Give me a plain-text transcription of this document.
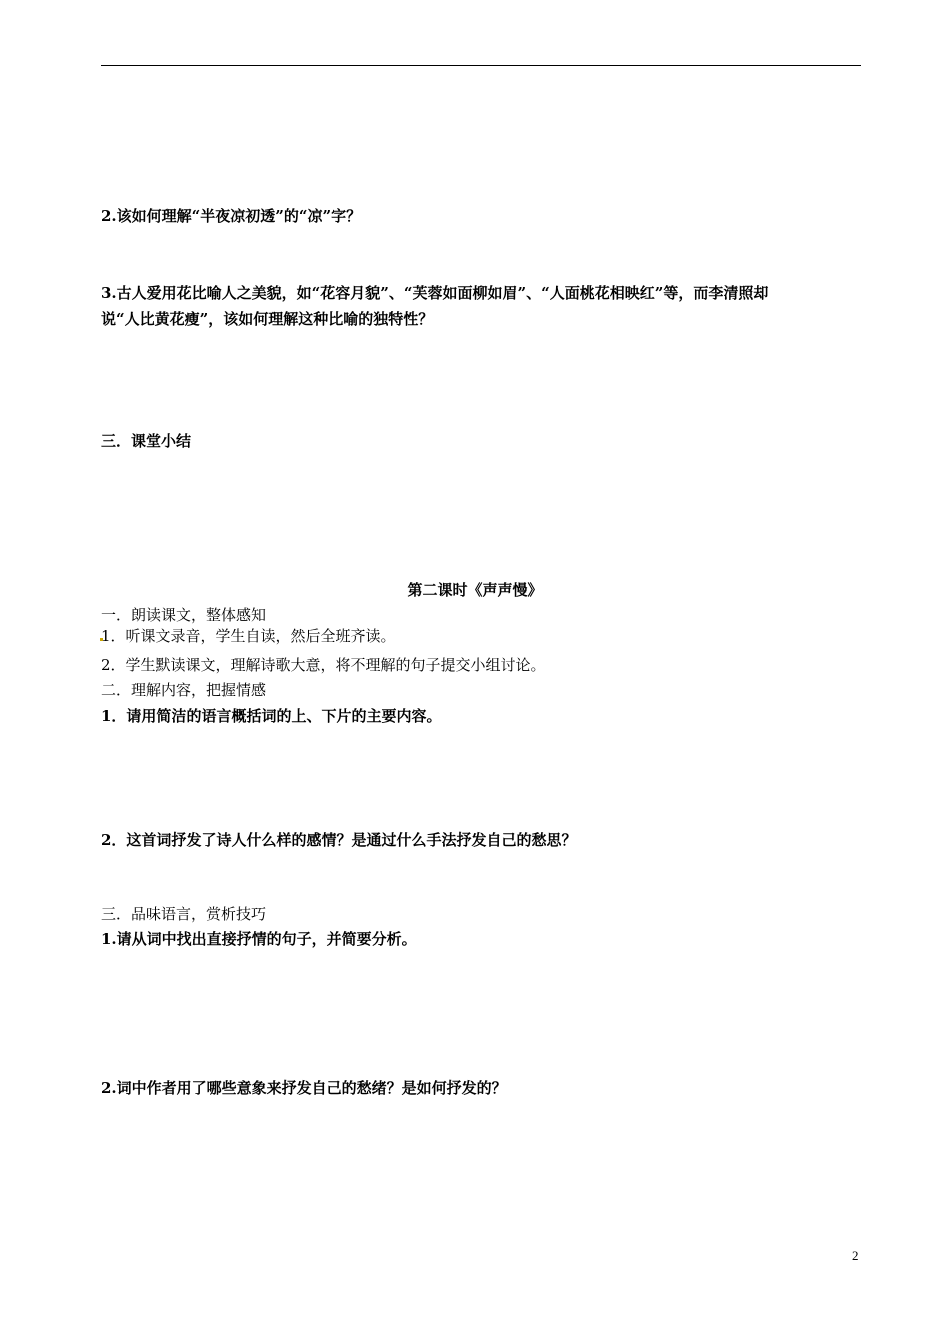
2.该如何理解“半夜凉初透”的“凉”字？
3.古人爱用花比喻人之美貌，如“花容月貌”、“芙蓉如面柳如眉”、“人面桃花相映红”等，而李清照却
说“人比黄花瘦”，该如何理解这种比喻的独特性？
三．课堂小结
第二课时《声声慢》
一．朗读课文，整体感知
1．听课文录音，学生自读，然后全班齐读。
2．学生默读课文，理解诗歌大意，将不理解的句子提交小组讨论。
二．理解内容，把握情感
1．请用简洁的语言概括词的上、下片的主要内容。
2．这首词抒发了诗人什么样的感情？是通过什么手法抒发自己的愁思？
三．品味语言，赏析技巧
1.请从词中找出直接抒情的句子，并简要分析。
2.词中作者用了哪些意象来抒发自己的愁绪？是如何抒发的？
2
